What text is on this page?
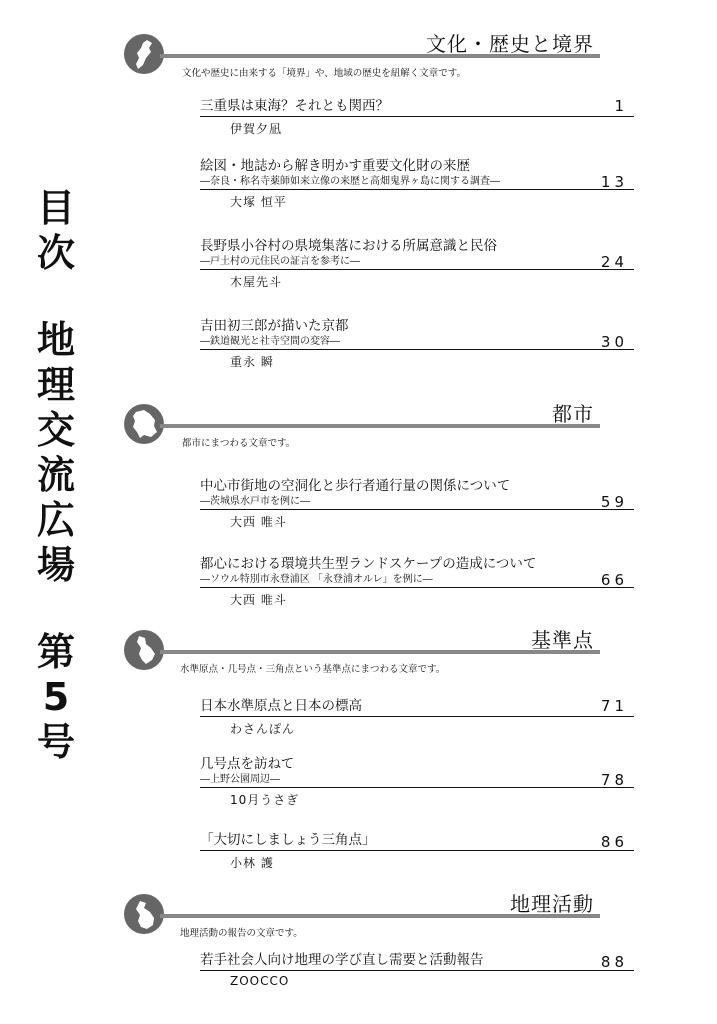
目
次
地
理
交
流
広
場
第
5
号
文化・歴史と境界
文化や歴史に由来する「境界」や、地域の歴史を紐解く文章です。
三重県は東海？それとも関西？	1
伊賀夕凪
絵図・地誌から解き明かす重要文化財の来歴
―奈良・称名寺薬師如来立像の来歴と高畑鬼界ヶ島に関する調査―	13
大塚 恒平
長野県小谷村の県境集落における所属意識と民俗
―戸土村の元住民の証言を参考に―	24
木屋先斗
吉田初三郎が描いた京都
―鉄道観光と社寺空間の変容―	30
重永 瞬
都市
都市にまつわる文章です。
中心市街地の空洞化と歩行者通行量の関係について
―茨城県水戸市を例に―	59
大西 唯斗
都心における環境共生型ランドスケープの造成について
―ソウル特別市永登浦区 「永登浦オルレ」を例に―	66
大西 唯斗
基準点
水準原点・几号点・三角点という基準点にまつわる文章です。
日本水準原点と日本の標高	71
わさんぽん
几号点を訪ねて
―上野公園周辺―	78
10月うさぎ
「大切にしましょう三角点」	86
小林 護
地理活動
地理活動の報告の文章です。
若手社会人向け地理の学び直し需要と活動報告	88
ZOOCCO
